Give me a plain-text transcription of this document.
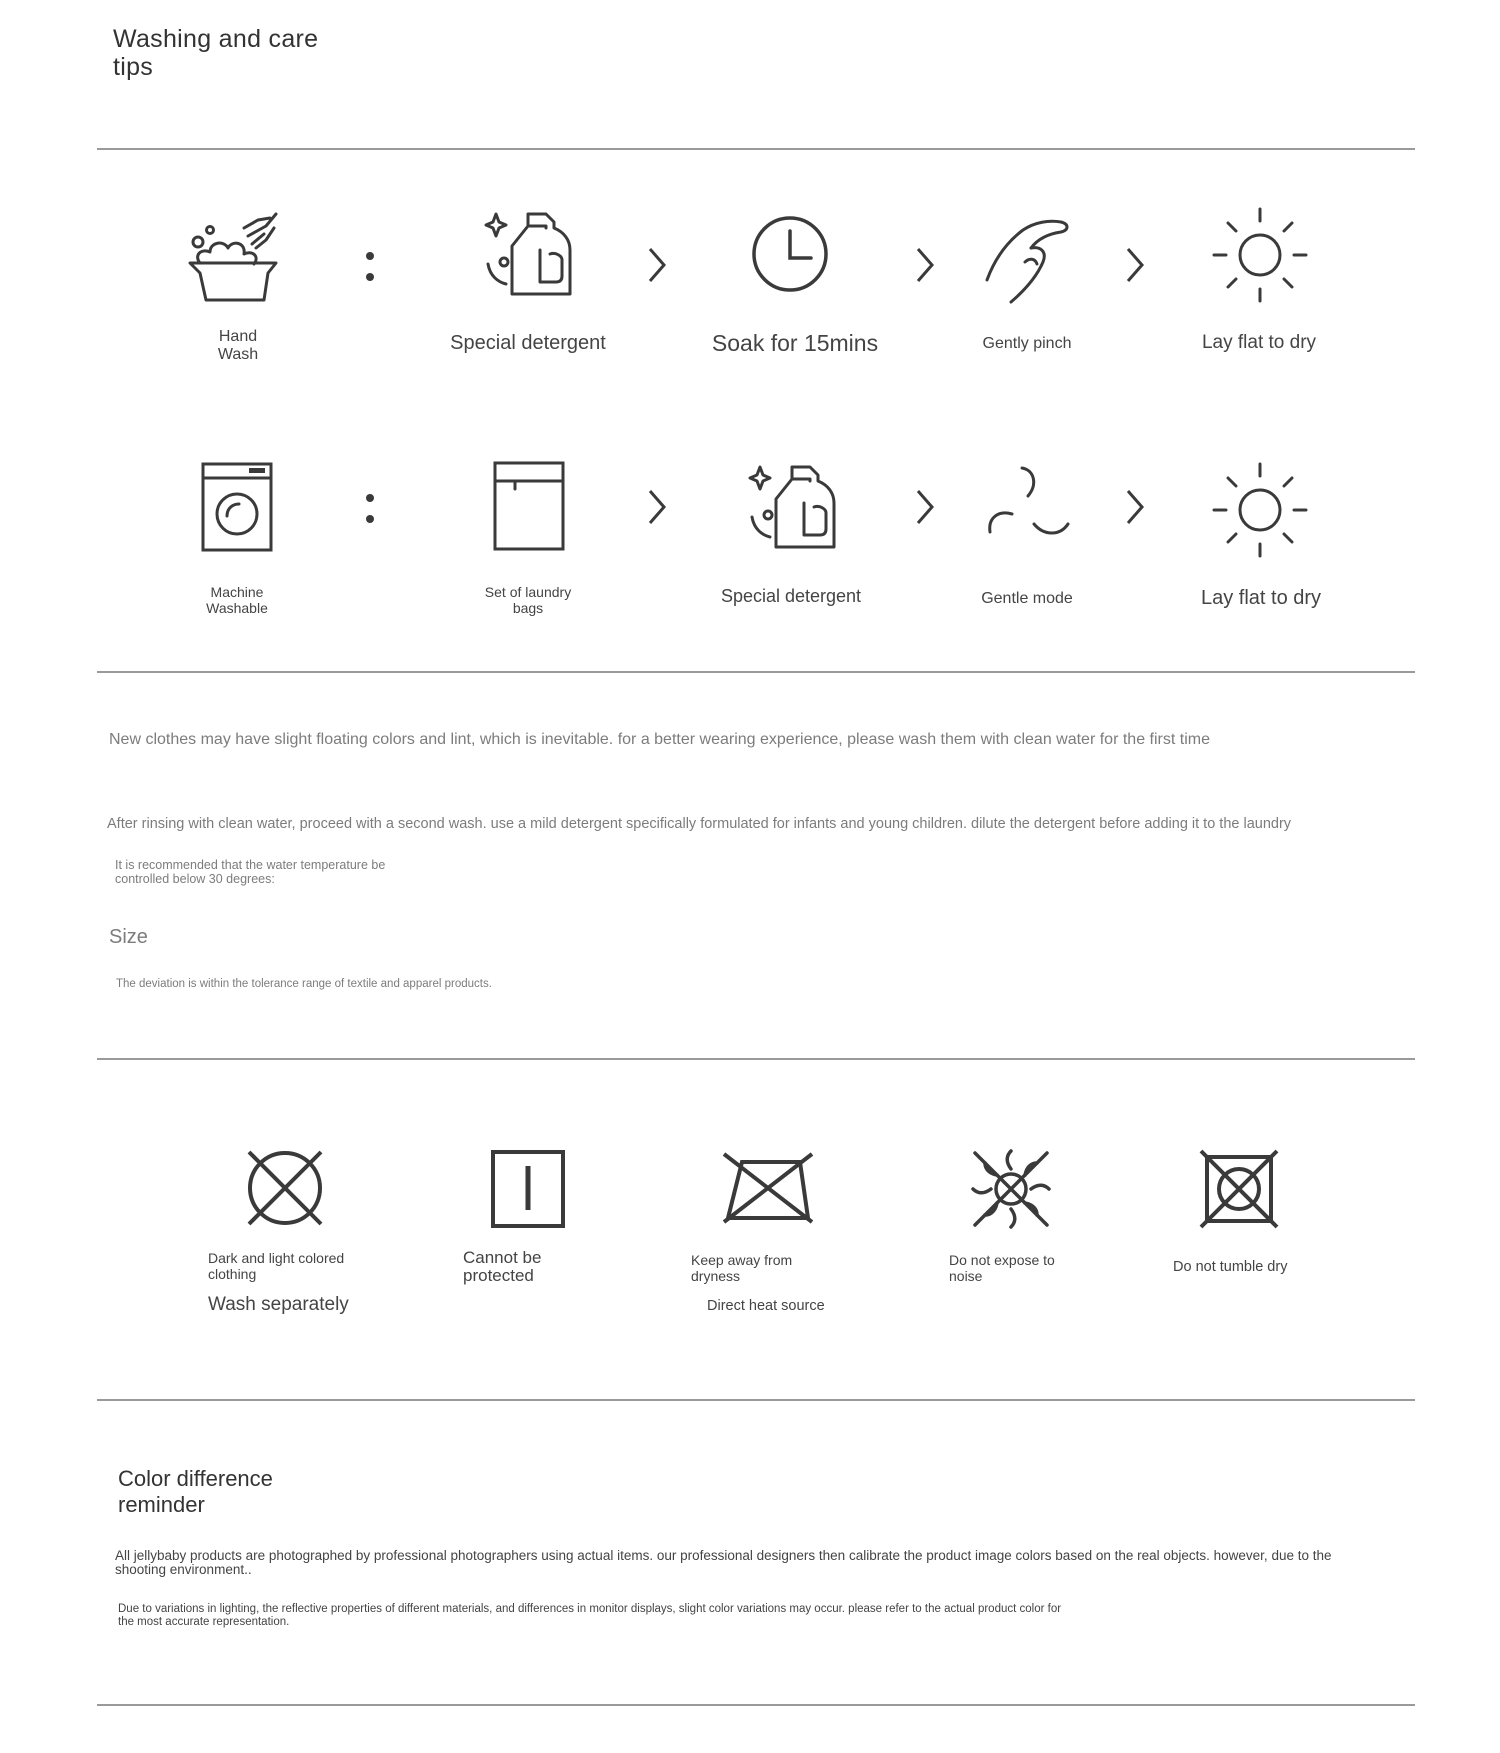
Washing and care
tips
Hand
Wash
Special detergent	Soak for 15mins	Gently pinch	Lay flat to dry
Machine
Washable
Set of laundry
bags
Special detergent	Gentle mode	Lay flat to dry
New clothes may have slight floating colors and lint, which is inevitable. for a better wearing experience, please wash them with clean water for the first time
After rinsing with clean water, proceed with a second wash. use a mild detergent specifically formulated for infants and young children. dilute the detergent before adding it to the laundry
It is recommended that the water temperature be
controlled below 30 degrees:
Size
The deviation is within the tolerance range of textile and apparel products.
Dark and light colored
clothing
Wash separately
Cannot be
protected
Keep away from
dryness
Direct heat source
Do not expose to
noise
Do not tumble dry
Color difference
reminder
All jellybaby products are photographed by professional photographers using actual items. our professional designers then calibrate the product image colors based on the real objects. however, due to the
shooting environment..
Due to variations in lighting, the reflective properties of different materials, and differences in monitor displays, slight color variations may occur. please refer to the actual product color for
the most accurate representation.
